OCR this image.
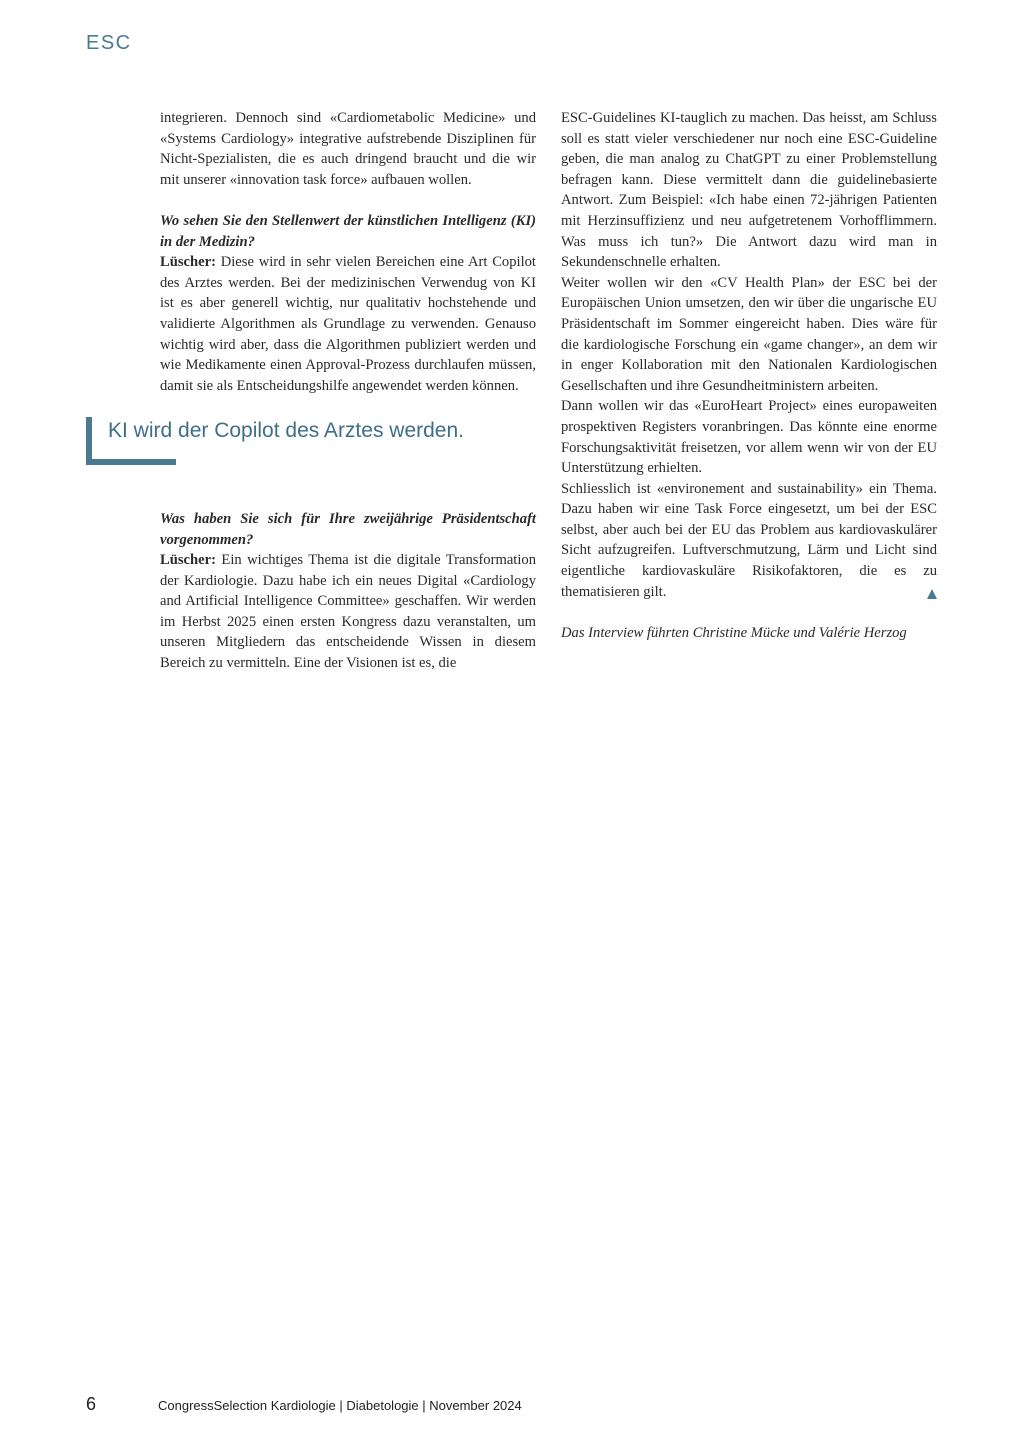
ESC

integrieren. Dennoch sind «Cardiometabolic Medicine» und «Systems Cardiology» integrative aufstrebende Disziplinen für Nicht-Spezialisten, die es auch dringend braucht und die wir mit unserer «innovation task force» aufbauen wollen.

Wo sehen Sie den Stellenwert der künstlichen Intelligenz (KI) in der Medizin?

Lüscher: Diese wird in sehr vielen Bereichen eine Art Copilot des Arztes werden. Bei der medizinischen Verwendug von KI ist es aber generell wichtig, nur qualitativ hochstehende und validierte Algorithmen als Grundlage zu verwenden. Genauso wichtig wird aber, dass die Algorithmen publiziert werden und wie Medikamente einen Approval-Prozess durchlaufen müssen, damit sie als Entscheidungshilfe angewendet werden können.

KI wird der Copilot des Arztes werden.

Was haben Sie sich für Ihre zweijährige Präsidentschaft vorgenommen?

Lüscher: Ein wichtiges Thema ist die digitale Transformation der Kardiologie. Dazu habe ich ein neues Digital «Cardiology and Artificial Intelligence Committee» geschaffen. Wir werden im Herbst 2025 einen ersten Kongress dazu veranstalten, um unseren Mitgliedern das entscheidende Wissen in diesem Bereich zu vermitteln. Eine der Visionen ist es, die

ESC-Guidelines KI-tauglich zu machen. Das heisst, am Schluss soll es statt vieler verschiedener nur noch eine ESC-Guideline geben, die man analog zu ChatGPT zu einer Problemstellung befragen kann. Diese vermittelt dann die guidelinebasierte Antwort. Zum Beispiel: «Ich habe einen 72-jährigen Patienten mit Herzinsuffizienz und neu aufgetretenem Vorhofflimmern. Was muss ich tun?» Die Antwort dazu wird man in Sekundenschnelle erhalten.

Weiter wollen wir den «CV Health Plan» der ESC bei der Europäischen Union umsetzen, den wir über die ungarische EU Präsidentschaft im Sommer eingereicht haben. Dies wäre für die kardiologische Forschung ein «game changer», an dem wir in enger Kollaboration mit den Nationalen Kardiologischen Gesellschaften und ihre Gesundheitministern arbeiten.

Dann wollen wir das «EuroHeart Project» eines europaweiten prospektiven Registers voranbringen. Das könnte eine enorme Forschungsaktivität freisetzen, vor allem wenn wir von der EU Unterstützung erhielten.

Schliesslich ist «environement and sustainability» ein Thema. Dazu haben wir eine Task Force eingesetzt, um bei der ESC selbst, aber auch bei der EU das Problem aus kardiovaskulärer Sicht aufzugreifen. Luftverschmutzung, Lärm und Licht sind eigentliche kardiovaskuläre Risikofaktoren, die es zu thematisieren gilt.

Das Interview führten Christine Mücke und Valérie Herzog

6	CongressSelection Kardiologie | Diabetologie | November 2024
